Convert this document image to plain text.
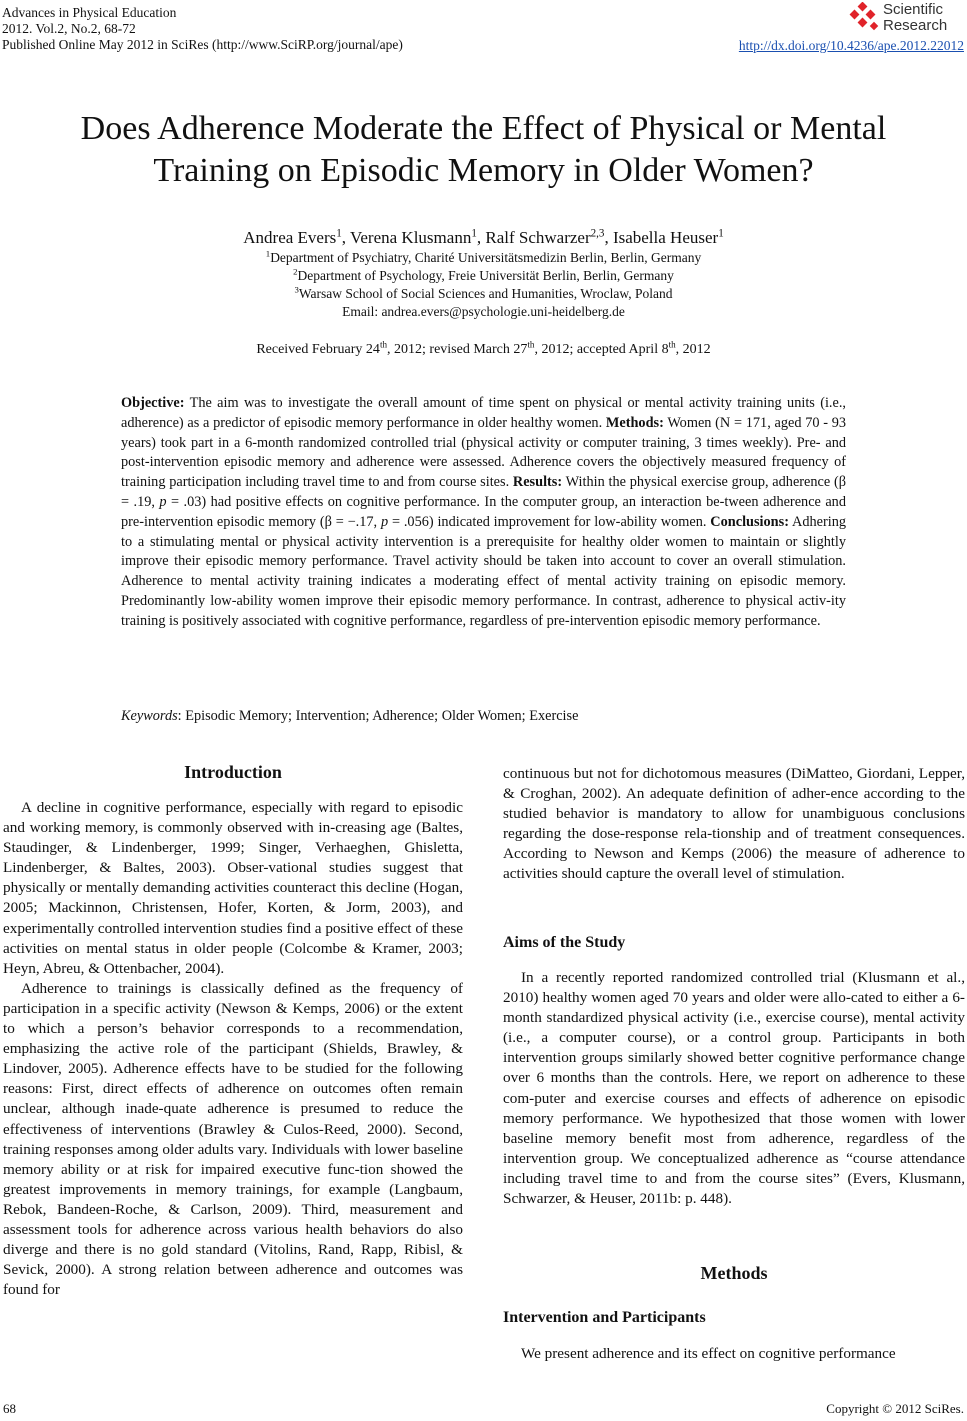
Advances in Physical Education
2012. Vol.2, No.2, 68-72
Published Online May 2012 in SciRes (http://www.SciRP.org/journal/ape)
Scientific
Research
http://dx.doi.org/10.4236/ape.2012.22012
Does Adherence Moderate the Effect of Physical or Mental
Training on Episodic Memory in Older Women?
Andrea Evers$^1$, Verena Klusmann$^1$, Ralf Schwarzer$^{2,3}$, Isabella Heuser$^1$
$^1$Department of Psychiatry, Charité Universitätsmedizin Berlin, Berlin, Germany
$^2$Department of Psychology, Freie Universität Berlin, Berlin, Germany
$^3$Warsaw School of Social Sciences and Humanities, Wroclaw, Poland
Email: andrea.evers@psychologie.uni-heidelberg.de
Received February 24th, 2012; revised March 27th, 2012; accepted April 8th, 2012
Objective: The aim was to investigate the overall amount of time spent on physical or mental activity training units (i.e., adherence) as a predictor of episodic memory performance in older healthy women. Methods: Women (N = 171, aged 70 - 93 years) took part in a 6-month randomized controlled trial (physical activity or computer training, 3 times weekly). Pre- and post-intervention episodic memory and adherence were assessed. Adherence covers the objectively measured frequency of training participation including travel time to and from course sites. Results: Within the physical exercise group, adherence (β = .19, p = .03) had positive effects on cognitive performance. In the computer group, an interaction be-tween adherence and pre-intervention episodic memory (β = −.17, p = .056) indicated improvement for low-ability women. Conclusions: Adhering to a stimulating mental or physical activity intervention is a prerequisite for healthy older women to maintain or slightly improve their episodic memory performance. Travel activity should be taken into account to cover an overall stimulation. Adherence to mental activity training indicates a moderating effect of mental activity training on episodic memory. Predominantly low-ability women improve their episodic memory performance. In contrast, adherence to physical activ-ity training is positively associated with cognitive performance, regardless of pre-intervention episodic memory performance.
Keywords: Episodic Memory; Intervention; Adherence; Older Women; Exercise
Introduction

A decline in cognitive performance, especially with regard to episodic and working memory, is commonly observed with in-creasing age (Baltes, Staudinger, & Lindenberger, 1999; Singer, Verhaeghen, Ghisletta, Lindenberger, & Baltes, 2003). Obser-vational studies suggest that physically or mentally demanding activities counteract this decline (Hogan, 2005; Mackinnon, Christensen, Hofer, Korten, & Jorm, 2003), and experimentally controlled intervention studies find a positive effect of these activities on mental status in older people (Colcombe & Kramer, 2003; Heyn, Abreu, & Ottenbacher, 2004).

Adherence to trainings is classically defined as the frequency of participation in a specific activity (Newson & Kemps, 2006) or the extent to which a person’s behavior corresponds to a recommendation, emphasizing the active role of the participant (Shields, Brawley, & Lindover, 2005). Adherence effects have to be studied for the following reasons: First, direct effects of adherence on outcomes often remain unclear, although inade-quate adherence is presumed to reduce the effectiveness of interventions (Brawley & Culos-Reed, 2000). Second, training responses among older adults vary. Individuals with lower baseline memory ability or at risk for impaired executive func-tion showed the greatest improvements in memory trainings, for example (Langbaum, Rebok, Bandeen-Roche, & Carlson, 2009). Third, measurement and assessment tools for adherence across various health behaviors do also diverge and there is no gold standard (Vitolins, Rand, Rapp, Ribisl, & Sevick, 2000). A strong relation between adherence and outcomes was found for

continuous but not for dichotomous measures (DiMatteo, Giordani, Lepper, & Croghan, 2002). An adequate definition of adher-ence according to the studied behavior is mandatory to allow for unambiguous conclusions regarding the dose-response rela-tionship and of treatment consequences. According to Newson and Kemps (2006) the measure of adherence to activities should capture the overall level of stimulation.

Aims of the Study

In a recently reported randomized controlled trial (Klusmann et al., 2010) healthy women aged 70 years and older were allo-cated to either a 6-month standardized physical activity (i.e., exercise course), mental activity (i.e., a computer course), or a control group. Participants in both intervention groups similarly showed better cognitive performance change over 6 months than the controls. Here, we report on adherence to these com-puter and exercise courses and effects of adherence on episodic memory performance. We hypothesized that those women with lower baseline memory benefit most from adherence, regardless of the intervention group. We conceptualized adherence as “course attendance including travel time to and from the course sites” (Evers, Klusmann, Schwarzer, & Heuser, 2011b: p. 448).

Methods
Intervention and Participants

We present adherence and its effect on cognitive performance

68	Copyright © 2012 SciRes.
